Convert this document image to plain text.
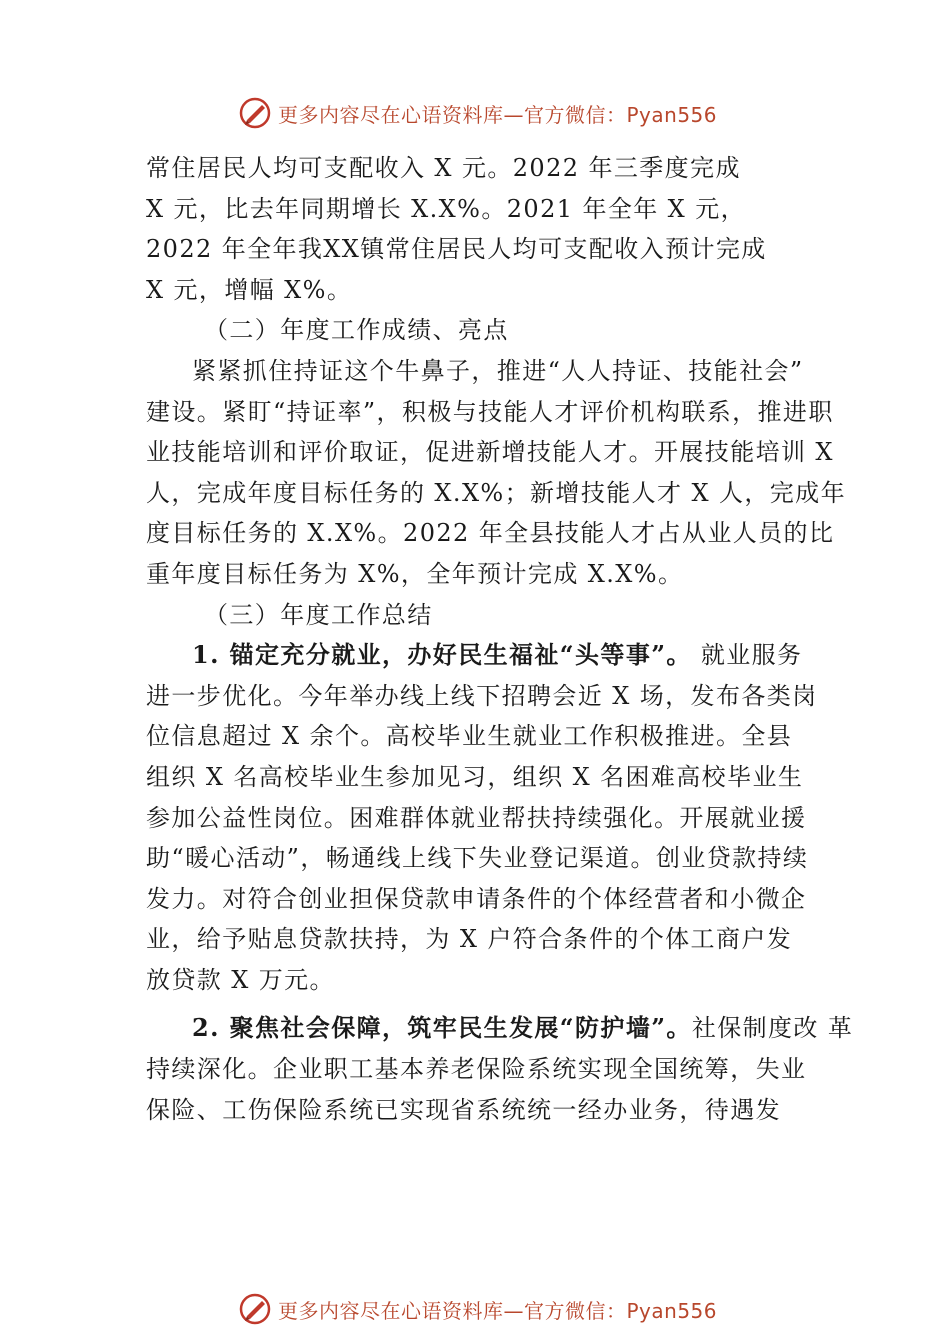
更多内容尽在心语资料库—官方微信：Pyan556
常住居民人均可支配收入 X 元。2022 年三季度完成
X 元，比去年同期增长 X.X%。2021 年全年 X 元，
2022 年全年我XX镇常住居民人均可支配收入预计完成
X 元，增幅 X%。
（二）年度工作成绩、亮点
紧紧抓住持证这个牛鼻子，推进“人人持证、技能社会”
建设。紧盯“持证率”，积极与技能人才评价机构联系，推进职
业技能培训和评价取证，促进新增技能人才。开展技能培训 X
人，完成年度目标任务的 X.X%；新增技能人才 X 人，完成年
度目标任务的 X.X%。2022 年全县技能人才占从业人员的比
重年度目标任务为 X%，全年预计完成 X.X%。
（三）年度工作总结
1. 锚定充分就业，办好民生福祉“头等事”。 就业服务
进一步优化。今年举办线上线下招聘会近 X 场，发布各类岗
位信息超过 X 余个。高校毕业生就业工作积极推进。全县
组织 X 名高校毕业生参加见习，组织 X 名困难高校毕业生
参加公益性岗位。困难群体就业帮扶持续强化。开展就业援
助“暖心活动”，畅通线上线下失业登记渠道。创业贷款持续
发力。对符合创业担保贷款申请条件的个体经营者和小微企
业，给予贴息贷款扶持，为 X 户符合条件的个体工商户发
放贷款 X 万元。
2. 聚焦社会保障，筑牢民生发展“防护墙”。社保制度改 革
持续深化。企业职工基本养老保险系统实现全国统筹，失业
保险、工伤保险系统已实现省系统统一经办业务，待遇发
更多内容尽在心语资料库—官方微信：Pyan556
